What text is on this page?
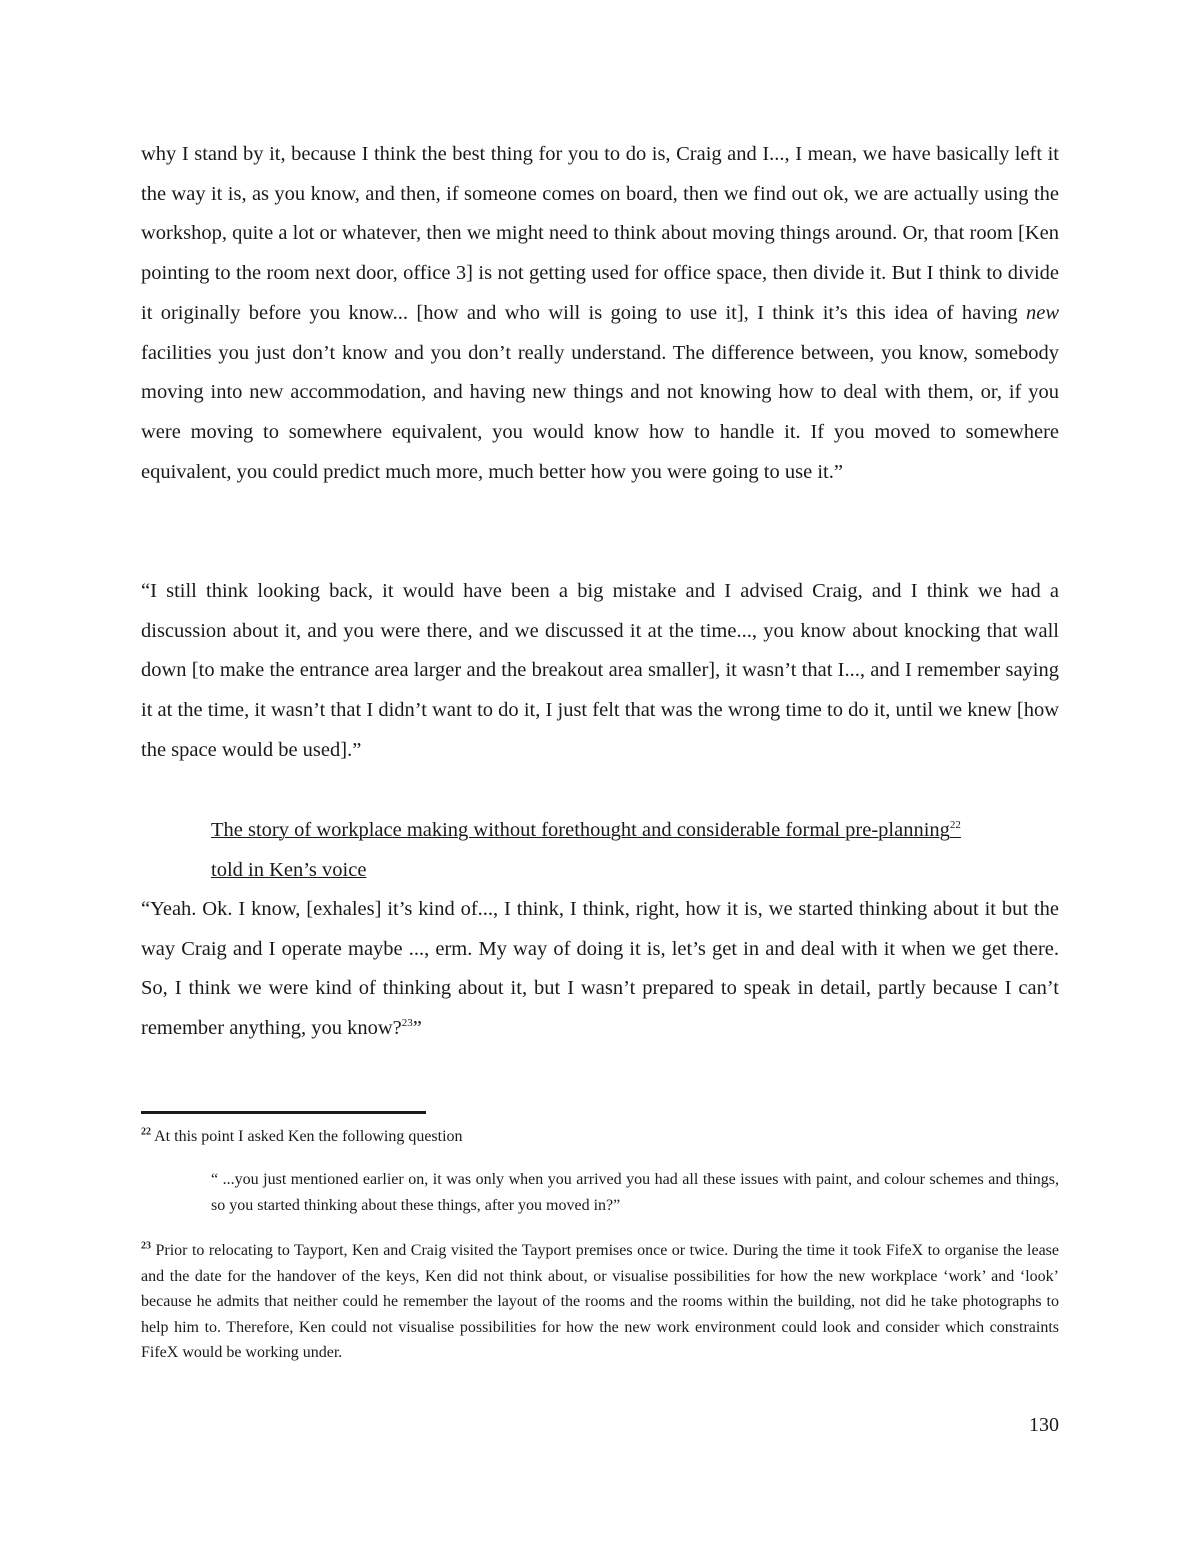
why I stand by it, because I think the best thing for you to do is, Craig and I..., I mean, we have basically left it the way it is, as you know, and then, if someone comes on board, then we find out ok, we are actually using the workshop, quite a lot or whatever, then we might need to think about moving things around. Or, that room [Ken pointing to the room next door, office 3] is not getting used for office space, then divide it. But I think to divide it originally before you know... [how and who will is going to use it], I think it’s this idea of having new facilities you just don’t know and you don’t really understand. The difference between, you know, somebody moving into new accommodation, and having new things and not knowing how to deal with them, or, if you were moving to somewhere equivalent, you would know how to handle it. If you moved to somewhere equivalent, you could predict much more, much better how you were going to use it.”

“I still think looking back, it would have been a big mistake and I advised Craig, and I think we had a discussion about it, and you were there, and we discussed it at the time..., you know about knocking that wall down [to make the entrance area larger and the breakout area smaller], it wasn’t that I..., and I remember saying it at the time, it wasn’t that I didn’t want to do it, I just felt that was the wrong time to do it, until we knew [how the space would be used].”

The story of workplace making without forethought and considerable formal pre-planning$^{22}$
told in Ken’s voice

“Yeah. Ok. I know, [exhales] it’s kind of..., I think, I think, right, how it is, we started thinking about it but the way Craig and I operate maybe ..., erm. My way of doing it is, let’s get in and deal with it when we get there. So, I think we were kind of thinking about it, but I wasn’t prepared to speak in detail, partly because I can’t remember anything, you know?$^{23}$”

$^{22}$ At this point I asked Ken the following question

“ ...you just mentioned earlier on, it was only when you arrived you had all these issues with paint, and colour schemes and things, so you started thinking about these things, after you moved in?”

$^{23}$ Prior to relocating to Tayport, Ken and Craig visited the Tayport premises once or twice. During the time it took FifeX to organise the lease and the date for the handover of the keys, Ken did not think about, or visualise possibilities for how the new workplace ‘work’ and ‘look’ because he admits that neither could he remember the layout of the rooms and the rooms within the building, not did he take photographs to help him to. Therefore, Ken could not visualise possibilities for how the new work environment could look and consider which constraints FifeX would be working under.

130
